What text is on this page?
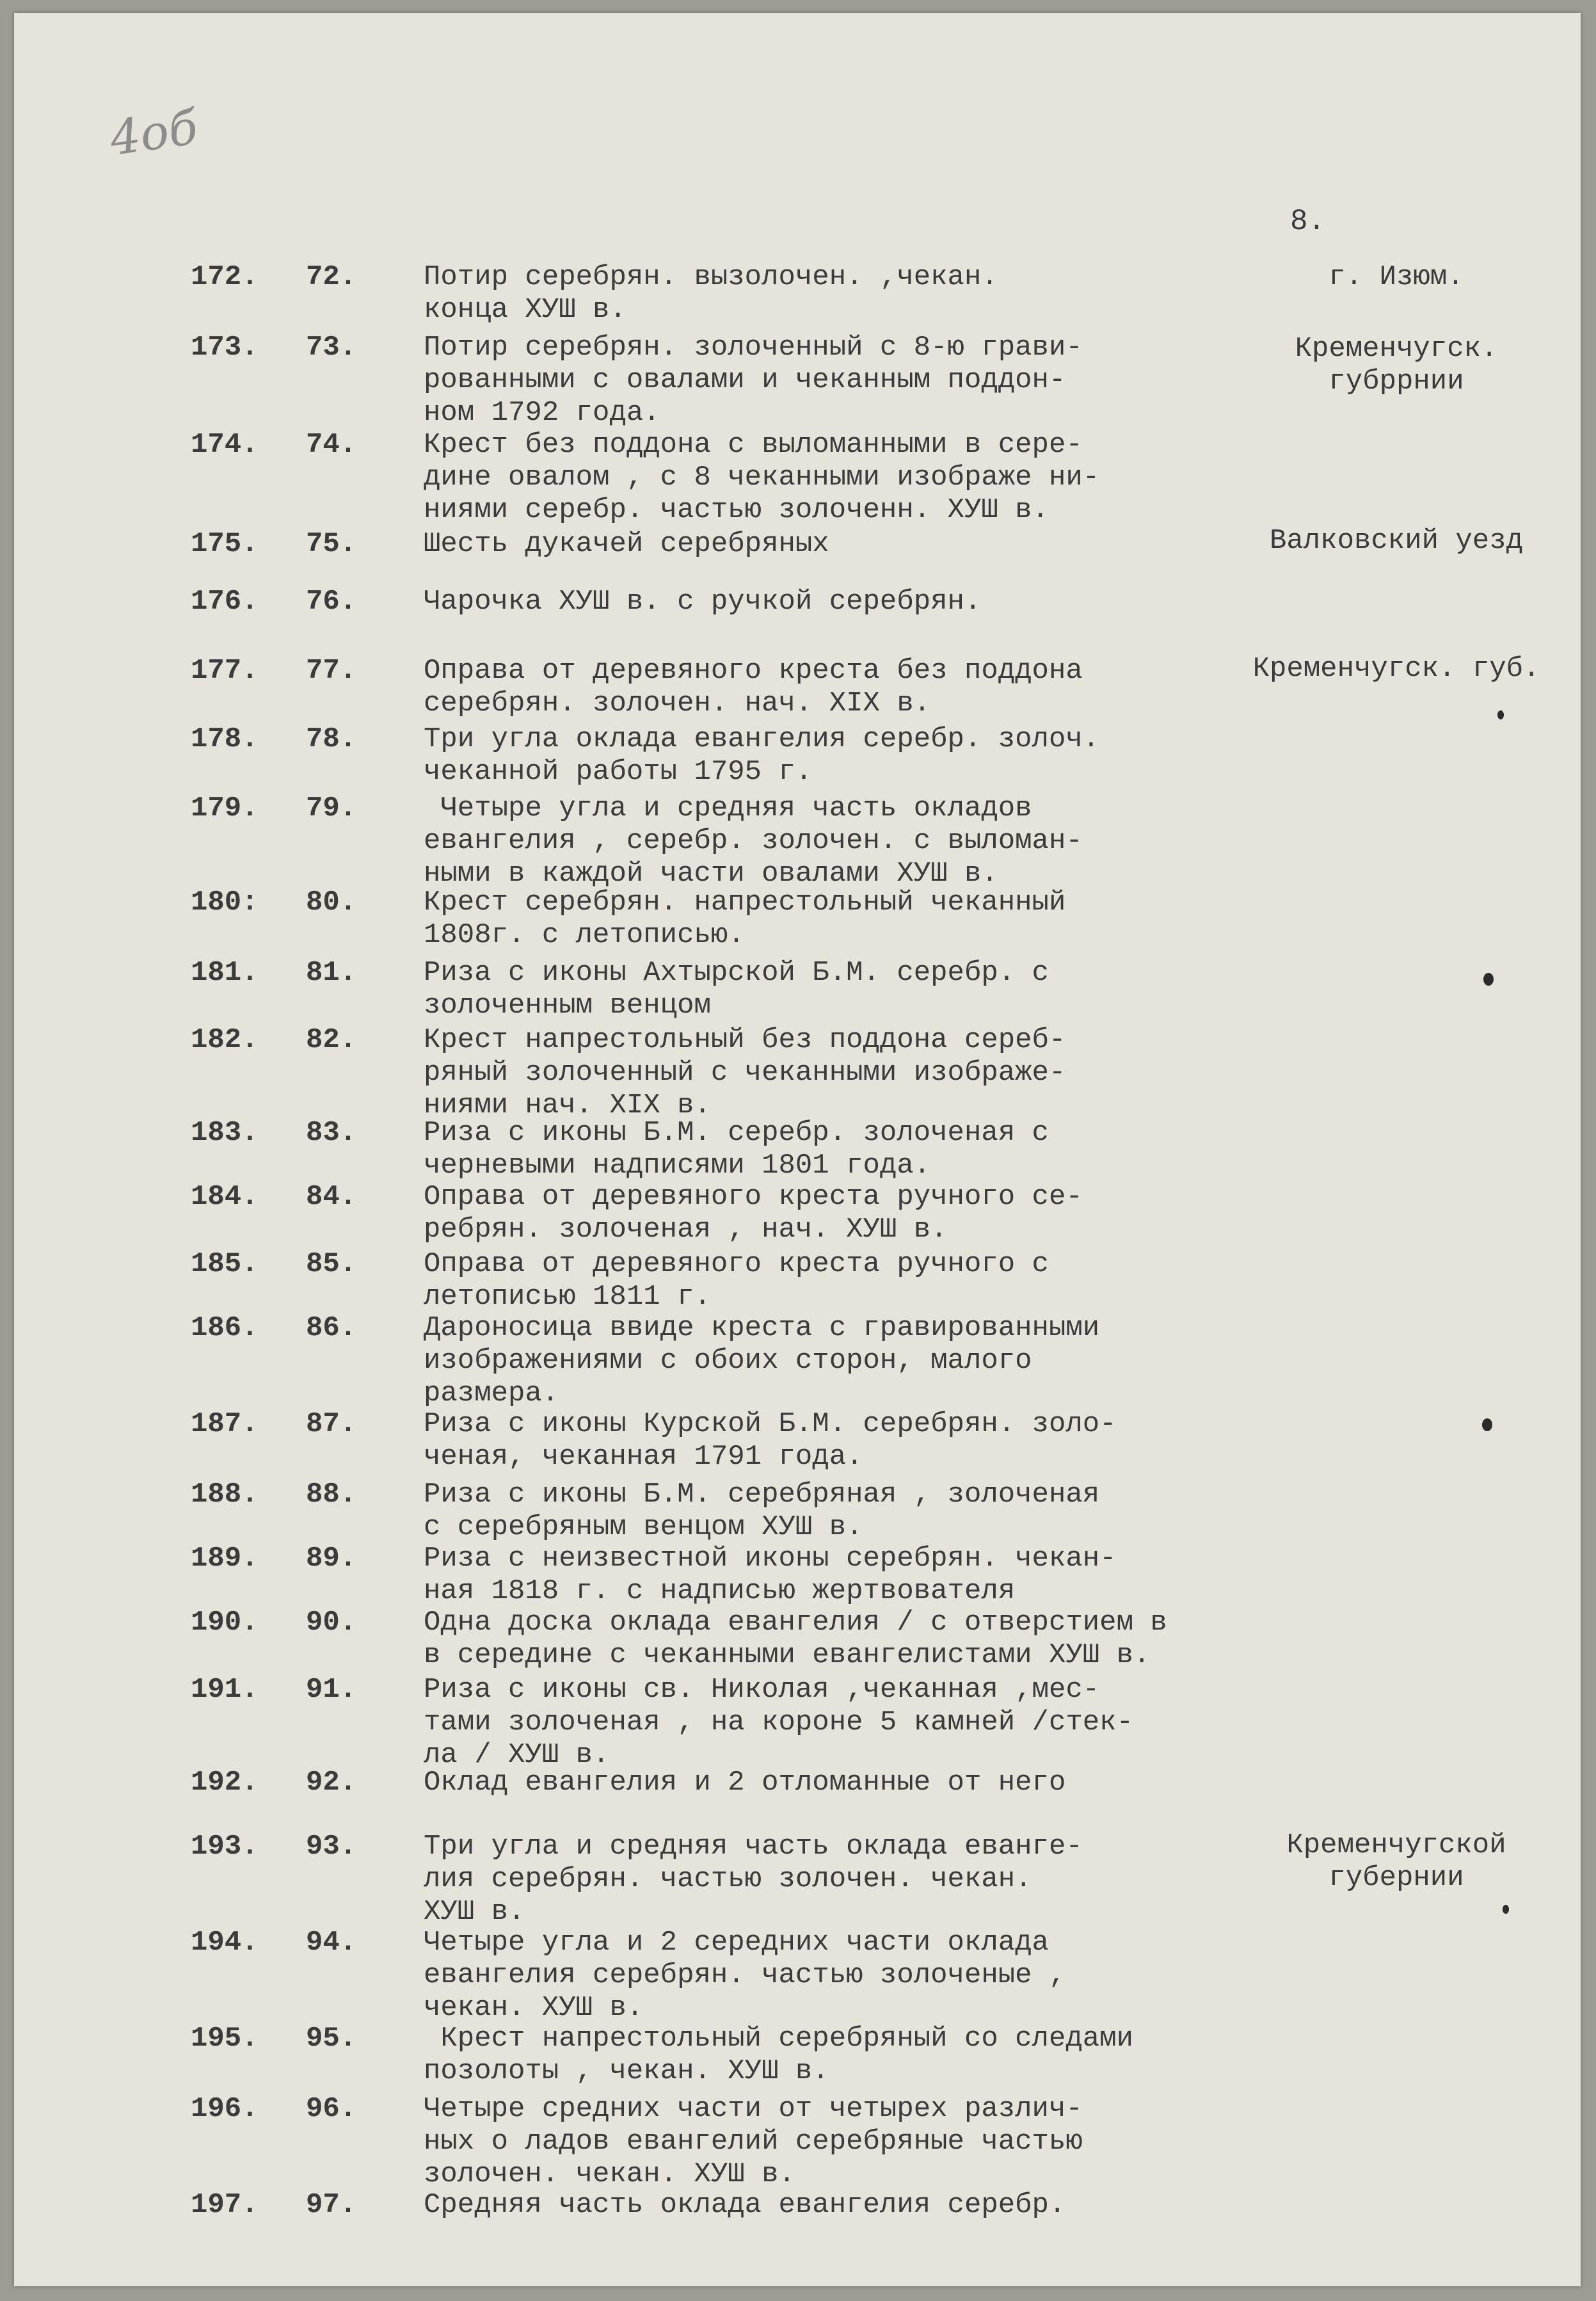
4об
8.
172. 72. Потир серебрян. вызолочен. ,чекан.
конца ХУШ в.
г. Изюм.
173. 73. Потир серебрян. золоченный с 8-ю грави-
рованными с овалами и чеканным поддон-
ном 1792 года.
Кременчугск.
губррнии
174. 74. Крест без поддона с выломанными в сере-
дине овалом , с 8 чеканными изображе ни-
ниями серебр. частью золоченн. ХУШ в.
175. 75. Шесть дукачей серебряных	Валковский уезд
176. 76. Чарочка ХУШ в. с ручкой серебрян.
177. 77. Оправа от деревяного креста без поддона
серебрян. золочен. нач. XIX в.
Кременчугск. губ.
178. 78. Три угла оклада евангелия серебр. золоч.
чеканной работы 1795 г.
179. 79. Четыре угла и средняя часть окладов
евангелия , серебр. золочен. с выломан-
ными в каждой части овалами ХУШ в.
180: 80. Крест серебрян. напрестольный чеканный
1808г. с летописью.
181. 81. Риза с иконы Ахтырской Б.М. серебр. с
золоченным венцом
182. 82. Крест напрестольный без поддона сереб-
ряный золоченный с чеканными изображе-
ниями нач. XIX в.
183. 83. Риза с иконы Б.М. серебр. золоченая с
черневыми надписями 1801 года.
184. 84. Оправа от деревяного креста ручного се-
ребрян. золоченая , нач. ХУШ в.
185. 85. Оправа от деревяного креста ручного с
летописью 1811 г.
186. 86. Дароносица ввиде креста с гравированными
изображениями с обоих сторон, малого
размера.
187. 87. Риза с иконы Курской Б.М. серебрян. золо-
ченая, чеканная 1791 года.
188. 88. Риза с иконы Б.М. серебряная , золоченая
с серебряным венцом ХУШ в.
189. 89. Риза с неизвестной иконы серебрян. чекан-
ная 1818 г. с надписью жертвователя
190. 90. Одна доска оклада евангелия / с отверстием в
в середине с чеканными евангелистами ХУШ в.
191. 91. Риза с иконы св. Николая ,чеканная ,мес-
тами золоченая , на короне 5 камней /стек-
ла / ХУШ в.
192. 92. Оклад евангелия и 2 отломанные от него
193. 93. Три угла и средняя часть оклада еванге-
лия серебрян. частью золочен. чекан.
ХУШ в.
Кременчугской
губернии
194. 94. Четыре угла и 2 середних части оклада
евангелия серебрян. частью золоченые ,
чекан. ХУШ в.
195. 95. Крест напрестольный серебряный со следами
позолоты , чекан. ХУШ в.
196. 96. Четыре средних части от четырех различ-
ных о ладов евангелий серебряные частью
золочен. чекан. ХУШ в.
197. 97. Средняя часть оклада евангелия серебр.
